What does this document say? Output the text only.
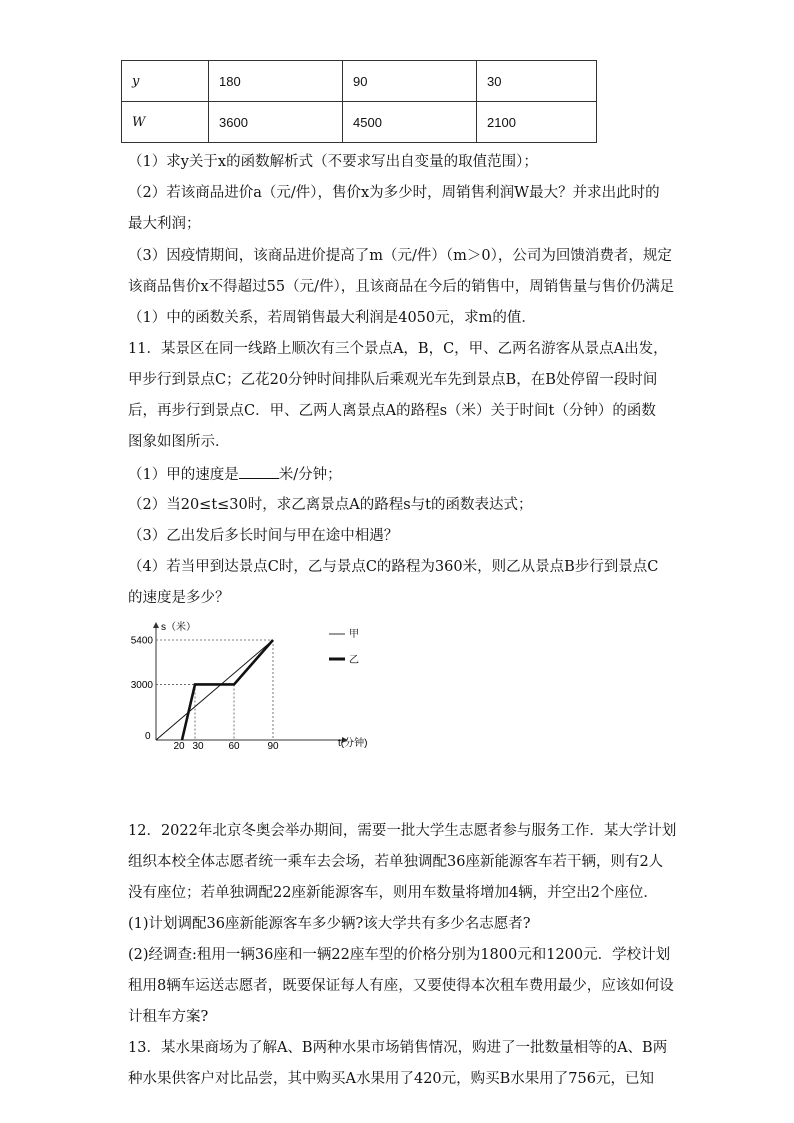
y	180	90	30
W	3600	4500	2100
（1）求y关于x的函数解析式（不要求写出自变量的取值范围）；
（2）若该商品进价a（元/件），售价x为多少时，周销售利润W最大？并求出此时的
最大利润；
（3）因疫情期间，该商品进价提高了m（元/件）（m＞0），公司为回馈消费者，规定
该商品售价x不得超过55（元/件），且该商品在今后的销售中，周销售量与售价仍满足
（1）中的函数关系，若周销售最大利润是4050元，求m的值．
11．某景区在同一线路上顺次有三个景点A，B，C，甲、乙两名游客从景点A出发，
甲步行到景点C；乙花20分钟时间排队后乘观光车先到景点B，在B处停留一段时间
后，再步行到景点C．甲、乙两人离景点A的路程s（米）关于时间t（分钟）的函数
图象如图所示．
（1）甲的速度是	米/分钟；
（2）当20≤t≤30时，求乙离景点A的路程s与t的函数表达式；
（3）乙出发后多长时间与甲在途中相遇？
（4）若当甲到达景点C时，乙与景点C的路程为360米，则乙从景点B步行到景点C
的速度是多少？
s（米）
t(分钟)
0
5400
3000
20 30 60	90
甲
乙
12．2022年北京冬奥会举办期间，需要一批大学生志愿者参与服务工作．某大学计划
组织本校全体志愿者统一乘车去会场，若单独调配36座新能源客车若干辆，则有2人
没有座位；若单独调配22座新能源客车，则用车数量将增加4辆，并空出2个座位．
(1)计划调配36座新能源客车多少辆?该大学共有多少名志愿者?
(2)经调查:租用一辆36座和一辆22座车型的价格分别为1800元和1200元．学校计划
租用8辆车运送志愿者，既要保证每人有座，又要使得本次租车费用最少，应该如何设
计租车方案?
13．某水果商场为了解A、B两种水果市场销售情况，购进了一批数量相等的A、B两
种水果供客户对比品尝，其中购买A水果用了420元，购买B水果用了756元，已知
